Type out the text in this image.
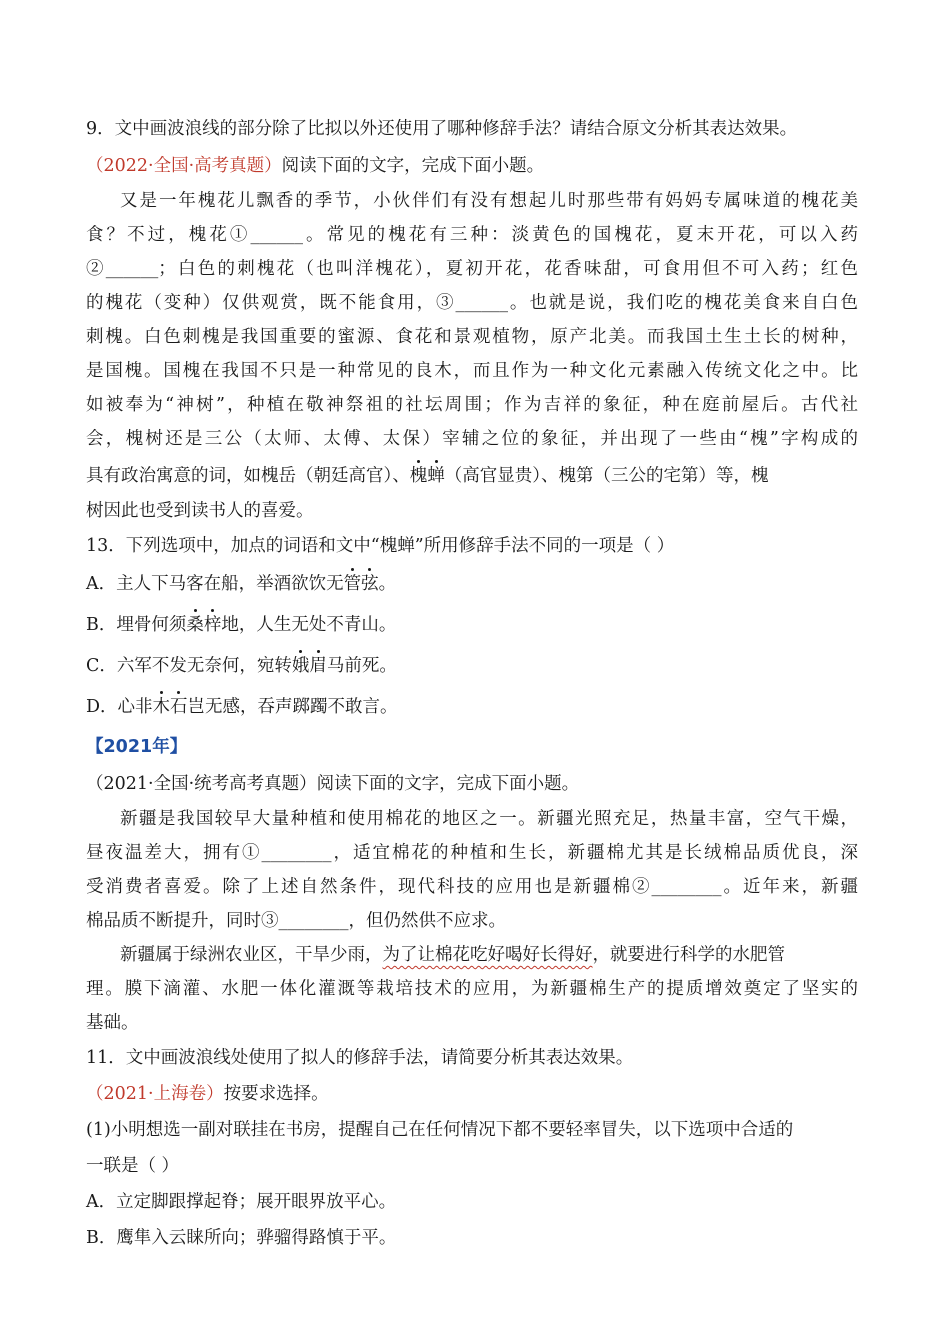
9．文中画波浪线的部分除了比拟以外还使用了哪种修辞手法？请结合原文分析其表达效果。
（2022·全国·高考真题）阅读下面的文字，完成下面小题。
又是一年槐花儿飘香的季节，小伙伴们有没有想起儿时那些带有妈妈专属味道的槐花美
食？不过，槐花①______。常见的槐花有三种：淡黄色的国槐花，夏末开花，可以入药
②______；白色的刺槐花（也叫洋槐花），夏初开花，花香味甜，可食用但不可入药；红色
的槐花（变种）仅供观赏，既不能食用，③______。也就是说，我们吃的槐花美食来自白色
刺槐。白色刺槐是我国重要的蜜源、食花和景观植物，原产北美。而我国土生土长的树种，
是国槐。国槐在我国不只是一种常见的良木，而且作为一种文化元素融入传统文化之中。比
如被奉为“神树”，种植在敬神祭祖的社坛周围；作为吉祥的象征，种在庭前屋后。古代社
会，槐树还是三公（太师、太傅、太保）宰辅之位的象征，并出现了一些由“槐”字构成的
具有政治寓意的词，如槐岳（朝廷高官）、槐蝉（高官显贵）、槐第（三公的宅第）等，槐
树因此也受到读书人的喜爱。
13．下列选项中，加点的词语和文中“槐蝉”所用修辞手法不同的一项是（ ）
A．主人下马客在船，举酒欲饮无管弦。
B．埋骨何须桑梓地，人生无处不青山。
C．六军不发无奈何，宛转娥眉马前死。
D．心非木石岂无感，吞声踯躅不敢言。
【2021年】
（2021·全国·统考高考真题）阅读下面的文字，完成下面小题。
新疆是我国较早大量种植和使用棉花的地区之一。新疆光照充足，热量丰富，空气干燥，
昼夜温差大，拥有①________，适宜棉花的种植和生长，新疆棉尤其是长绒棉品质优良，深
受消费者喜爱。除了上述自然条件，现代科技的应用也是新疆棉②________。近年来，新疆
棉品质不断提升，同时③________，但仍然供不应求。
新疆属于绿洲农业区，干旱少雨，为了让棉花吃好喝好长得好，就要进行科学的水肥管
理。膜下滴灌、水肥一体化灌溉等栽培技术的应用，为新疆棉生产的提质增效奠定了坚实的
基础。
11．文中画波浪线处使用了拟人的修辞手法，请简要分析其表达效果。
（2021·上海卷）按要求选择。
(1)小明想选一副对联挂在书房，提醒自己在任何情况下都不要轻率冒失，以下选项中合适的
一联是（ ）
A．立定脚跟撑起脊；展开眼界放平心。
B．鹰隼入云睐所向；骅骝得路慎于平。
